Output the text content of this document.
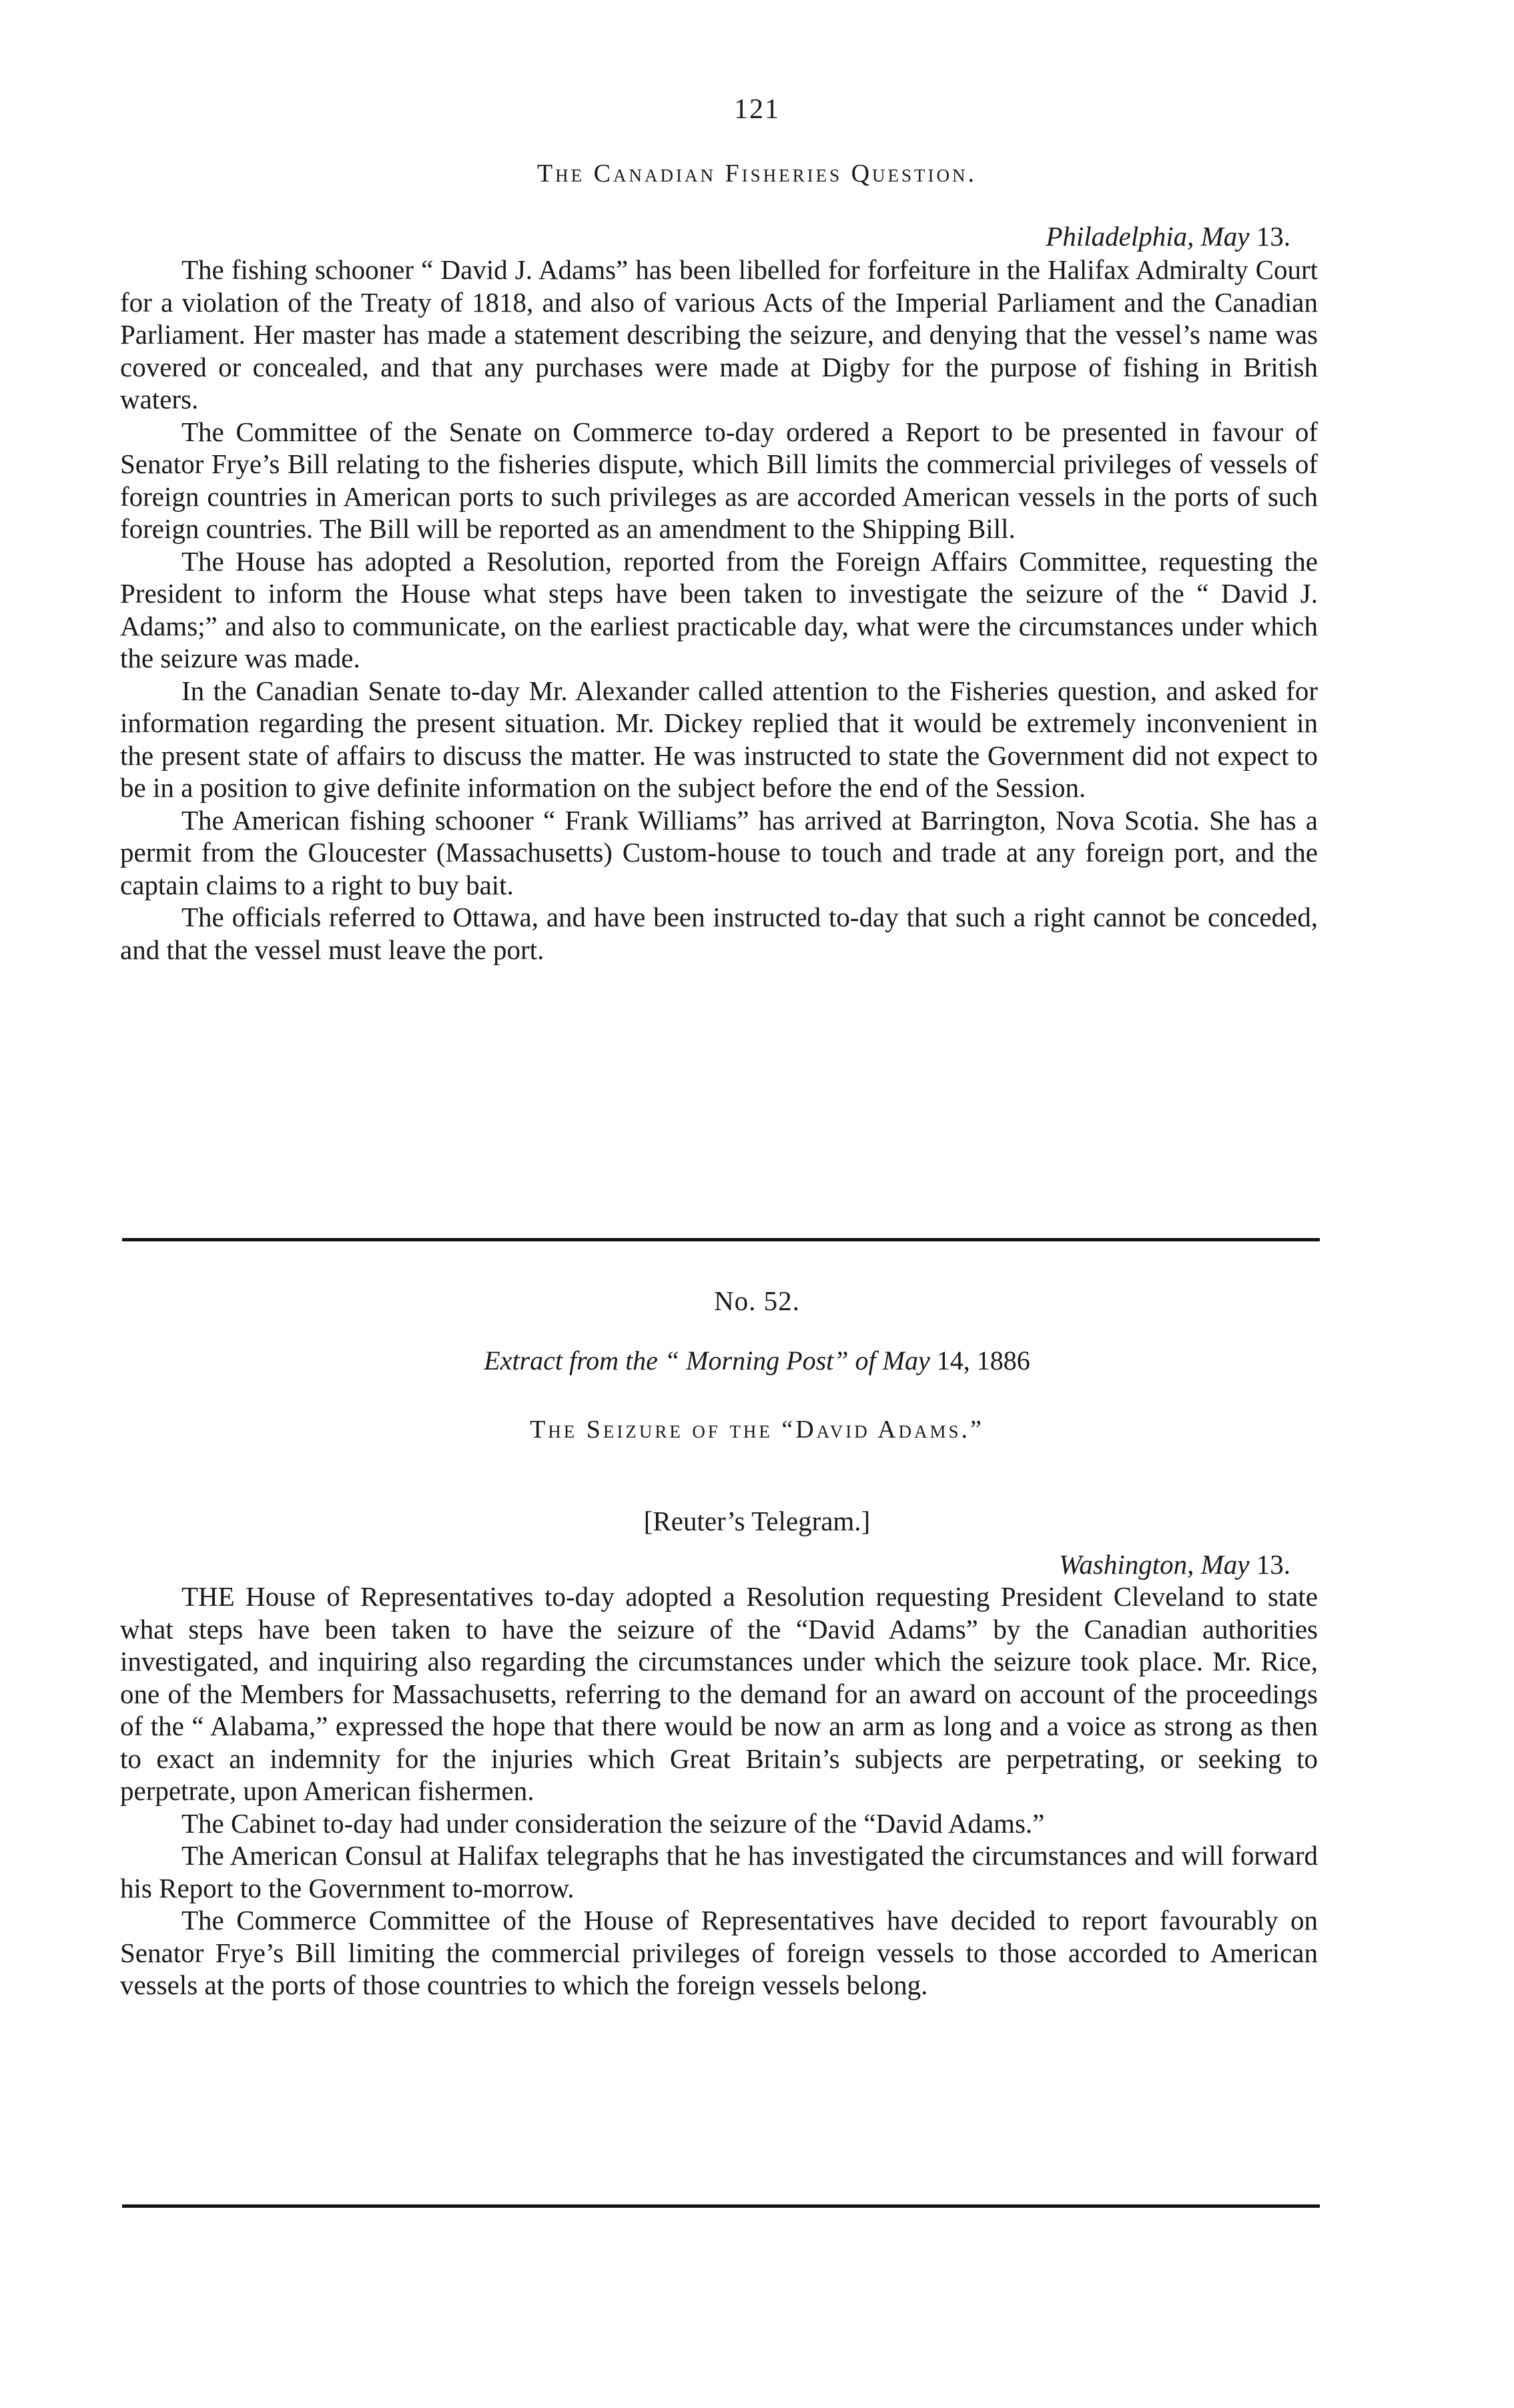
121
The Canadian Fisheries Question.
Philadelphia, May 13.

The fishing schooner “ David J. Adams” has been libelled for forfeiture in the Halifax Admiralty Court for a violation of the Treaty of 1818, and also of various Acts of the Imperial Parliament and the Canadian Parliament. Her master has made a statement describing the seizure, and denying that the vessel’s name was covered or concealed, and that any purchases were made at Digby for the purpose of fishing in British waters.

The Committee of the Senate on Commerce to-day ordered a Report to be presented in favour of Senator Frye’s Bill relating to the fisheries dispute, which Bill limits the commercial privileges of vessels of foreign countries in American ports to such privileges as are accorded American vessels in the ports of such foreign countries. The Bill will be reported as an amendment to the Shipping Bill.

The House has adopted a Resolution, reported from the Foreign Affairs Committee, requesting the President to inform the House what steps have been taken to investigate the seizure of the “ David J. Adams;” and also to communicate, on the earliest practicable day, what were the circumstances under which the seizure was made.

In the Canadian Senate to-day Mr. Alexander called attention to the Fisheries question, and asked for information regarding the present situation. Mr. Dickey replied that it would be extremely inconvenient in the present state of affairs to discuss the matter. He was instructed to state the Government did not expect to be in a position to give definite information on the subject before the end of the Session.

The American fishing schooner “ Frank Williams” has arrived at Barrington, Nova Scotia. She has a permit from the Gloucester (Massachusetts) Custom-house to touch and trade at any foreign port, and the captain claims to a right to buy bait.

The officials referred to Ottawa, and have been instructed to-day that such a right cannot be conceded, and that the vessel must leave the port.

No. 52.
Extract from the “ Morning Post” of May 14, 1886
The Seizure of the “David Adams.”
[Reuter’s Telegram.]
Washington, May 13.

THE House of Representatives to-day adopted a Resolution requesting President Cleveland to state what steps have been taken to have the seizure of the “David Adams” by the Canadian authorities investigated, and inquiring also regarding the circumstances under which the seizure took place. Mr. Rice, one of the Members for Massachusetts, referring to the demand for an award on account of the proceedings of the “ Alabama,” expressed the hope that there would be now an arm as long and a voice as strong as then to exact an indemnity for the injuries which Great Britain’s subjects are perpetrating, or seeking to perpetrate, upon American fishermen.

The Cabinet to-day had under consideration the seizure of the “David Adams.”

The American Consul at Halifax telegraphs that he has investigated the circumstances and will forward his Report to the Government to-morrow.

The Commerce Committee of the House of Representatives have decided to report favourably on Senator Frye’s Bill limiting the commercial privileges of foreign vessels to those accorded to American vessels at the ports of those countries to which the foreign vessels belong.
